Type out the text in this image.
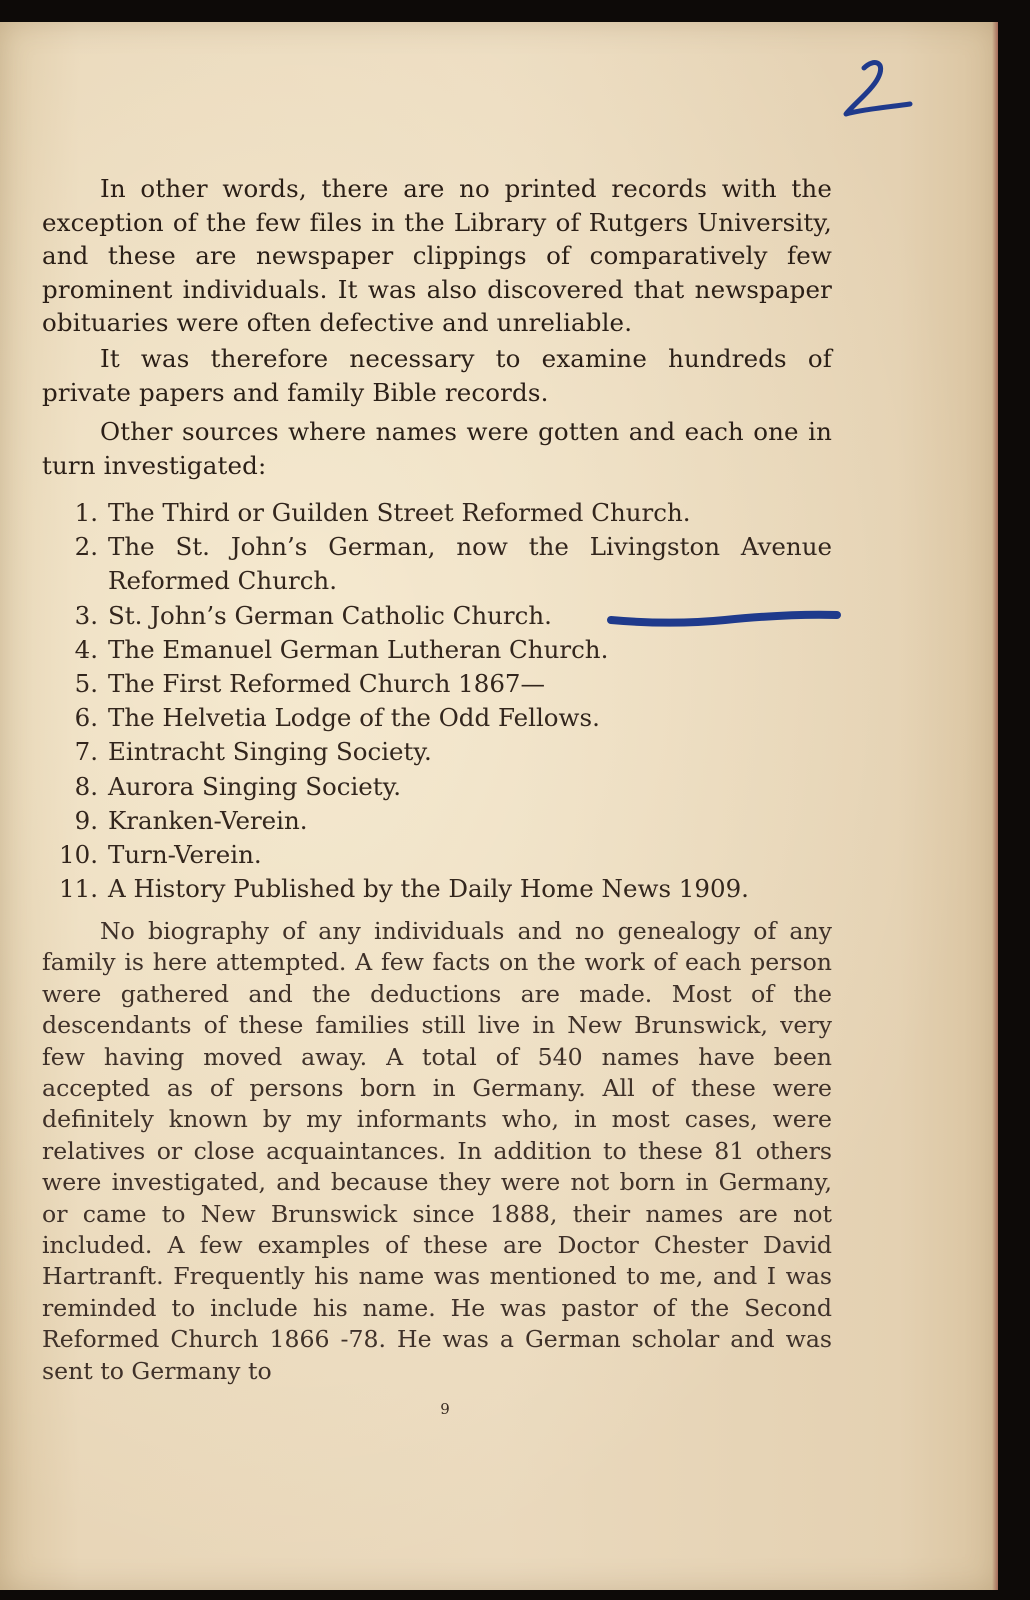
In other words, there are no printed records with the exception of the few files in the Library of Rutgers University, and these are newspaper clippings of comparatively few prominent individuals. It was also discovered that newspaper obituaries were often defective and unreliable.

It was therefore necessary to examine hundreds of private papers and family Bible records.

Other sources where names were gotten and each one in turn investigated:

1. The Third or Guilden Street Reformed Church.
2. The St. John’s German, now the Livingston Avenue Reformed Church.
3. St. John’s German Catholic Church.
4. The Emanuel German Lutheran Church.
5. The First Reformed Church 1867—
6. The Helvetia Lodge of the Odd Fellows.
7. Eintracht Singing Society.
8. Aurora Singing Society.
9. Kranken-Verein.
10. Turn-Verein.
11. A History Published by the Daily Home News 1909.

No biography of any individuals and no genealogy of any family is here attempted. A few facts on the work of each person were gathered and the deductions are made. Most of the descendants of these families still live in New Brunswick, very few having moved away. A total of 540 names have been accepted as of persons born in Germany. All of these were definitely known by my informants who, in most cases, were relatives or close acquaintances. In addition to these 81 others were investigated, and because they were not born in Germany, or came to New Brunswick since 1888, their names are not included. A few examples of these are Doctor Chester David Hartranft. Frequently his name was mentioned to me, and I was reminded to include his name. He was pastor of the Second Reformed Church 1866 -78. He was a German scholar and was sent to Germany to

9
